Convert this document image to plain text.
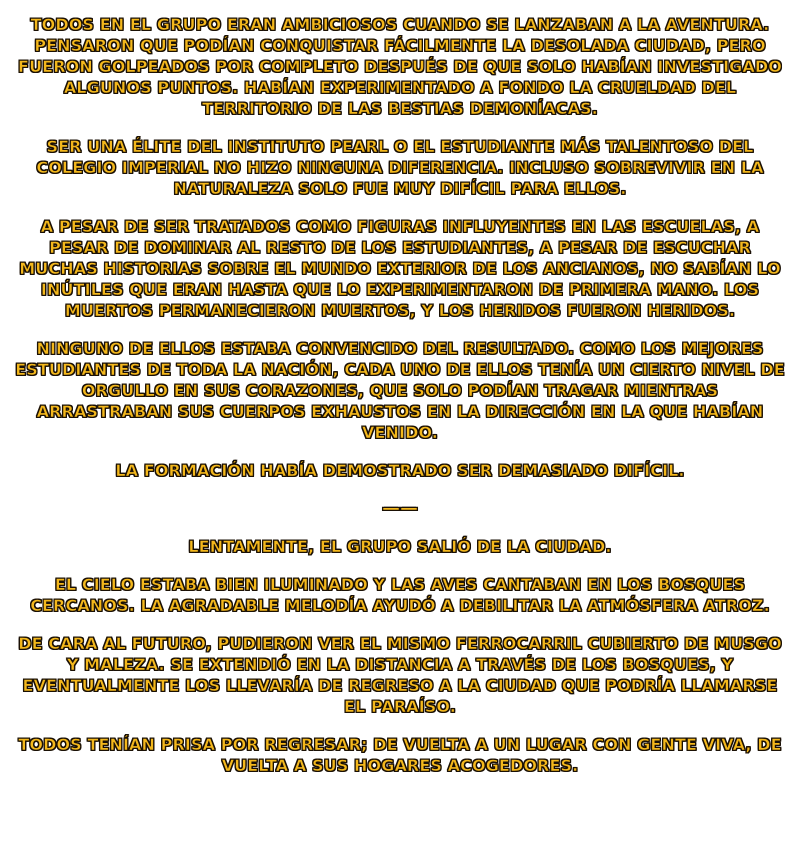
TODOS EN EL GRUPO ERAN AMBICIOSOS CUANDO SE LANZABAN A LA AVENTURA. PENSARON QUE PODÍAN CONQUISTAR FÁCILMENTE LA DESOLADA CIUDAD, PERO FUERON GOLPEADOS POR COMPLETO DESPUÉS DE QUE SOLO HABÍAN INVESTIGADO ALGUNOS PUNTOS. HABÍAN EXPERIMENTADO A FONDO LA CRUELDAD DEL TERRITORIO DE LAS BESTIAS DEMONÍACAS.

SER UNA ÉLITE DEL INSTITUTO PEARL O EL ESTUDIANTE MÁS TALENTOSO DEL COLEGIO IMPERIAL NO HIZO NINGUNA DIFERENCIA. INCLUSO SOBREVIVIR EN LA NATURALEZA SOLO FUE MUY DIFÍCIL PARA ELLOS.

A PESAR DE SER TRATADOS COMO FIGURAS INFLUYENTES EN LAS ESCUELAS, A PESAR DE DOMINAR AL RESTO DE LOS ESTUDIANTES, A PESAR DE ESCUCHAR MUCHAS HISTORIAS SOBRE EL MUNDO EXTERIOR DE LOS ANCIANOS, NO SABÍAN LO INÚTILES QUE ERAN HASTA QUE LO EXPERIMENTARON DE PRIMERA MANO. LOS MUERTOS PERMANECIERON MUERTOS, Y LOS HERIDOS FUERON HERIDOS.

NINGUNO DE ELLOS ESTABA CONVENCIDO DEL RESULTADO. COMO LOS MEJORES ESTUDIANTES DE TODA LA NACIÓN, CADA UNO DE ELLOS TENÍA UN CIERTO NIVEL DE ORGULLO EN SUS CORAZONES, QUE SOLO PODÍAN TRAGAR MIENTRAS ARRASTRABAN SUS CUERPOS EXHAUSTOS EN LA DIRECCIÓN EN LA QUE HABÍAN VENIDO.

LA FORMACIÓN HABÍA DEMOSTRADO SER DEMASIADO DIFÍCIL.

——

LENTAMENTE, EL GRUPO SALIÓ DE LA CIUDAD.

EL CIELO ESTABA BIEN ILUMINADO Y LAS AVES CANTABAN EN LOS BOSQUES CERCANOS. LA AGRADABLE MELODÍA AYUDÓ A DEBILITAR LA ATMÓSFERA ATROZ.

DE CARA AL FUTURO, PUDIERON VER EL MISMO FERROCARRIL CUBIERTO DE MUSGO Y MALEZA. SE EXTENDIÓ EN LA DISTANCIA A TRAVÉS DE LOS BOSQUES, Y EVENTUALMENTE LOS LLEVARÍA DE REGRESO A LA CIUDAD QUE PODRÍA LLAMARSE EL PARAÍSO.

TODOS TENÍAN PRISA POR REGRESAR; DE VUELTA A UN LUGAR CON GENTE VIVA, DE VUELTA A SUS HOGARES ACOGEDORES.
